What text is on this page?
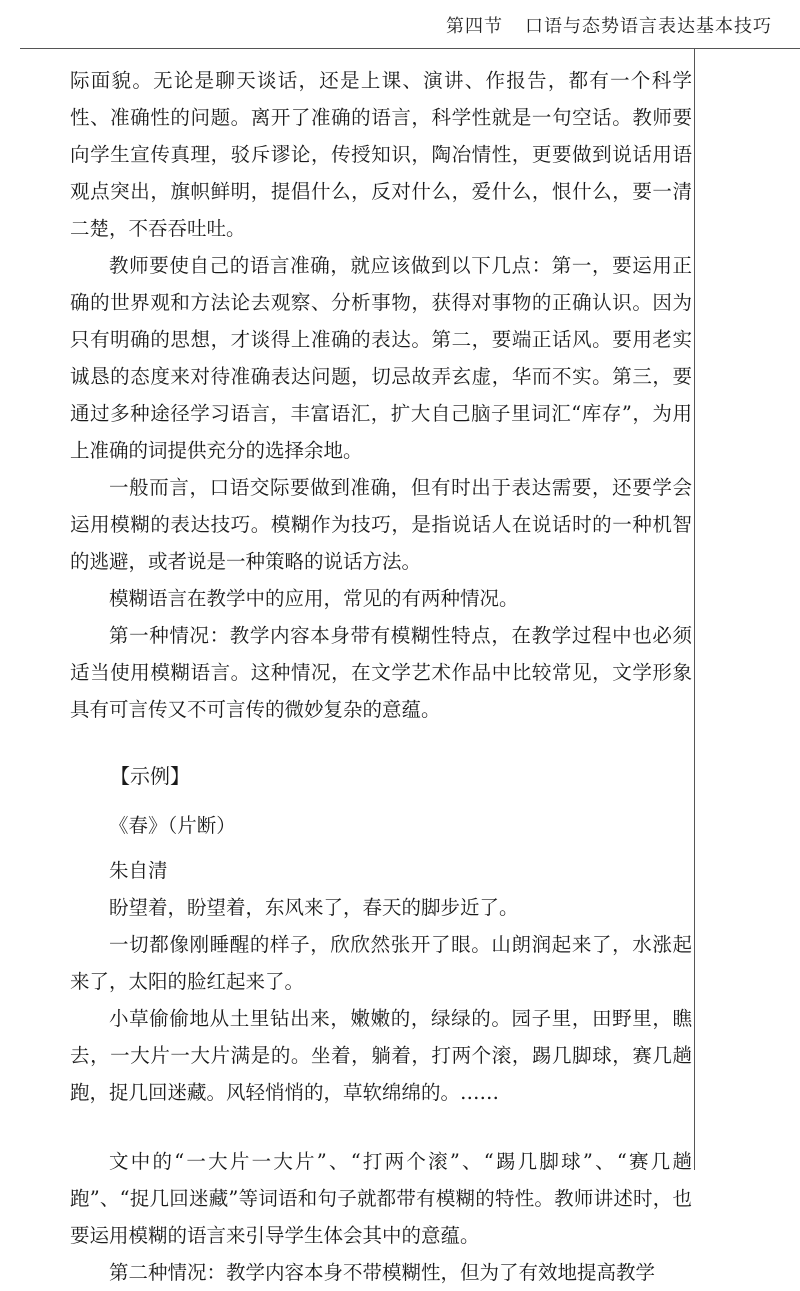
第四节 口语与态势语言表达基本技巧

际面貌。无论是聊天谈话，还是上课、演讲、作报告，都有一个科学性、准确性的问题。离开了准确的语言，科学性就是一句空话。教师要向学生宣传真理，驳斥谬论，传授知识，陶冶情性，更要做到说话用语观点突出，旗帜鲜明，提倡什么，反对什么，爱什么，恨什么，要一清二楚，不吞吞吐吐。

教师要使自己的语言准确，就应该做到以下几点：第一，要运用正确的世界观和方法论去观察、分析事物，获得对事物的正确认识。因为只有明确的思想，才谈得上准确的表达。第二，要端正话风。要用老实诚恳的态度来对待准确表达问题，切忌故弄玄虚，华而不实。第三，要通过多种途径学习语言，丰富语汇，扩大自己脑子里词汇“库存”，为用上准确的词提供充分的选择余地。

一般而言，口语交际要做到准确，但有时出于表达需要，还要学会运用模糊的表达技巧。模糊作为技巧，是指说话人在说话时的一种机智的逃避，或者说是一种策略的说话方法。

模糊语言在教学中的应用，常见的有两种情况。

第一种情况：教学内容本身带有模糊性特点，在教学过程中也必须适当使用模糊语言。这种情况，在文学艺术作品中比较常见，文学形象具有可言传又不可言传的微妙复杂的意蕴。

【示例】

《春》（片断）

朱自清

盼望着，盼望着，东风来了，春天的脚步近了。

一切都像刚睡醒的样子，欣欣然张开了眼。山朗润起来了，水涨起来了，太阳的脸红起来了。

小草偷偷地从土里钻出来，嫩嫩的，绿绿的。园子里，田野里，瞧去，一大片一大片满是的。坐着，躺着，打两个滚，踢几脚球，赛几趟跑，捉几回迷藏。风轻悄悄的，草软绵绵的。……

文中的“一大片一大片”、“打两个滚”、“踢几脚球”、“赛几趟跑”、“捉几回迷藏”等词语和句子就都带有模糊的特性。教师讲述时，也要运用模糊的语言来引导学生体会其中的意蕴。

第二种情况：教学内容本身不带模糊性，但为了有效地提高教学
